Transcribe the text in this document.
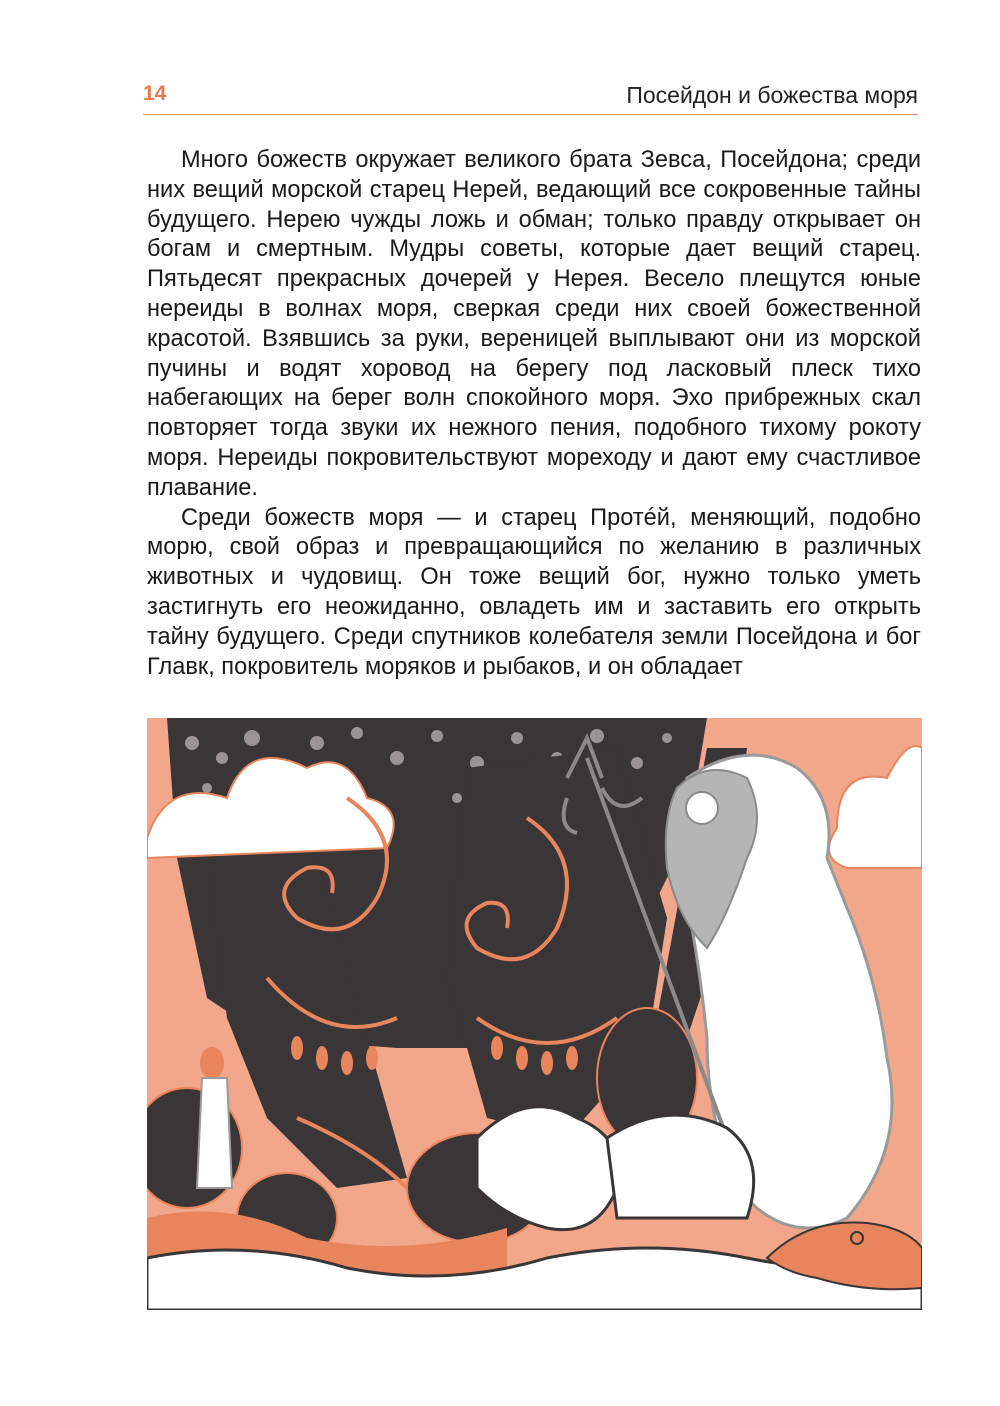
14	Посейдон и божества моря

Много божеств окружает великого брата Зевса, Посейдона; среди них вещий морской старец Нерей, ведающий все сокровенные тайны будущего. Нерею чужды ложь и обман; только правду открывает он богам и смертным. Мудры советы, которые дает вещий старец. Пятьдесят прекрасных дочерей у Нерея. Весело плещутся юные нереиды в волнах моря, сверкая среди них своей божественной красотой. Взявшись за руки, вереницей выплывают они из морской пучины и водят хоровод на берегу под ласковый плеск тихо набегающих на берег волн спокойного моря. Эхо прибрежных скал повторяет тогда звуки их нежного пения, подобного тихому рокоту моря. Нереиды покровительствуют мореходу и дают ему счастливое плавание.

Среди божеств моря — и старец Протéй, меняющий, подобно морю, свой образ и превращающийся по желанию в различных животных и чудовищ. Он тоже вещий бог, нужно только уметь застигнуть его неожиданно, овладеть им и заставить его открыть тайну будущего. Среди спутников колебателя земли Посейдона и бог Главк, покровитель моряков и рыбаков, и он обладает
